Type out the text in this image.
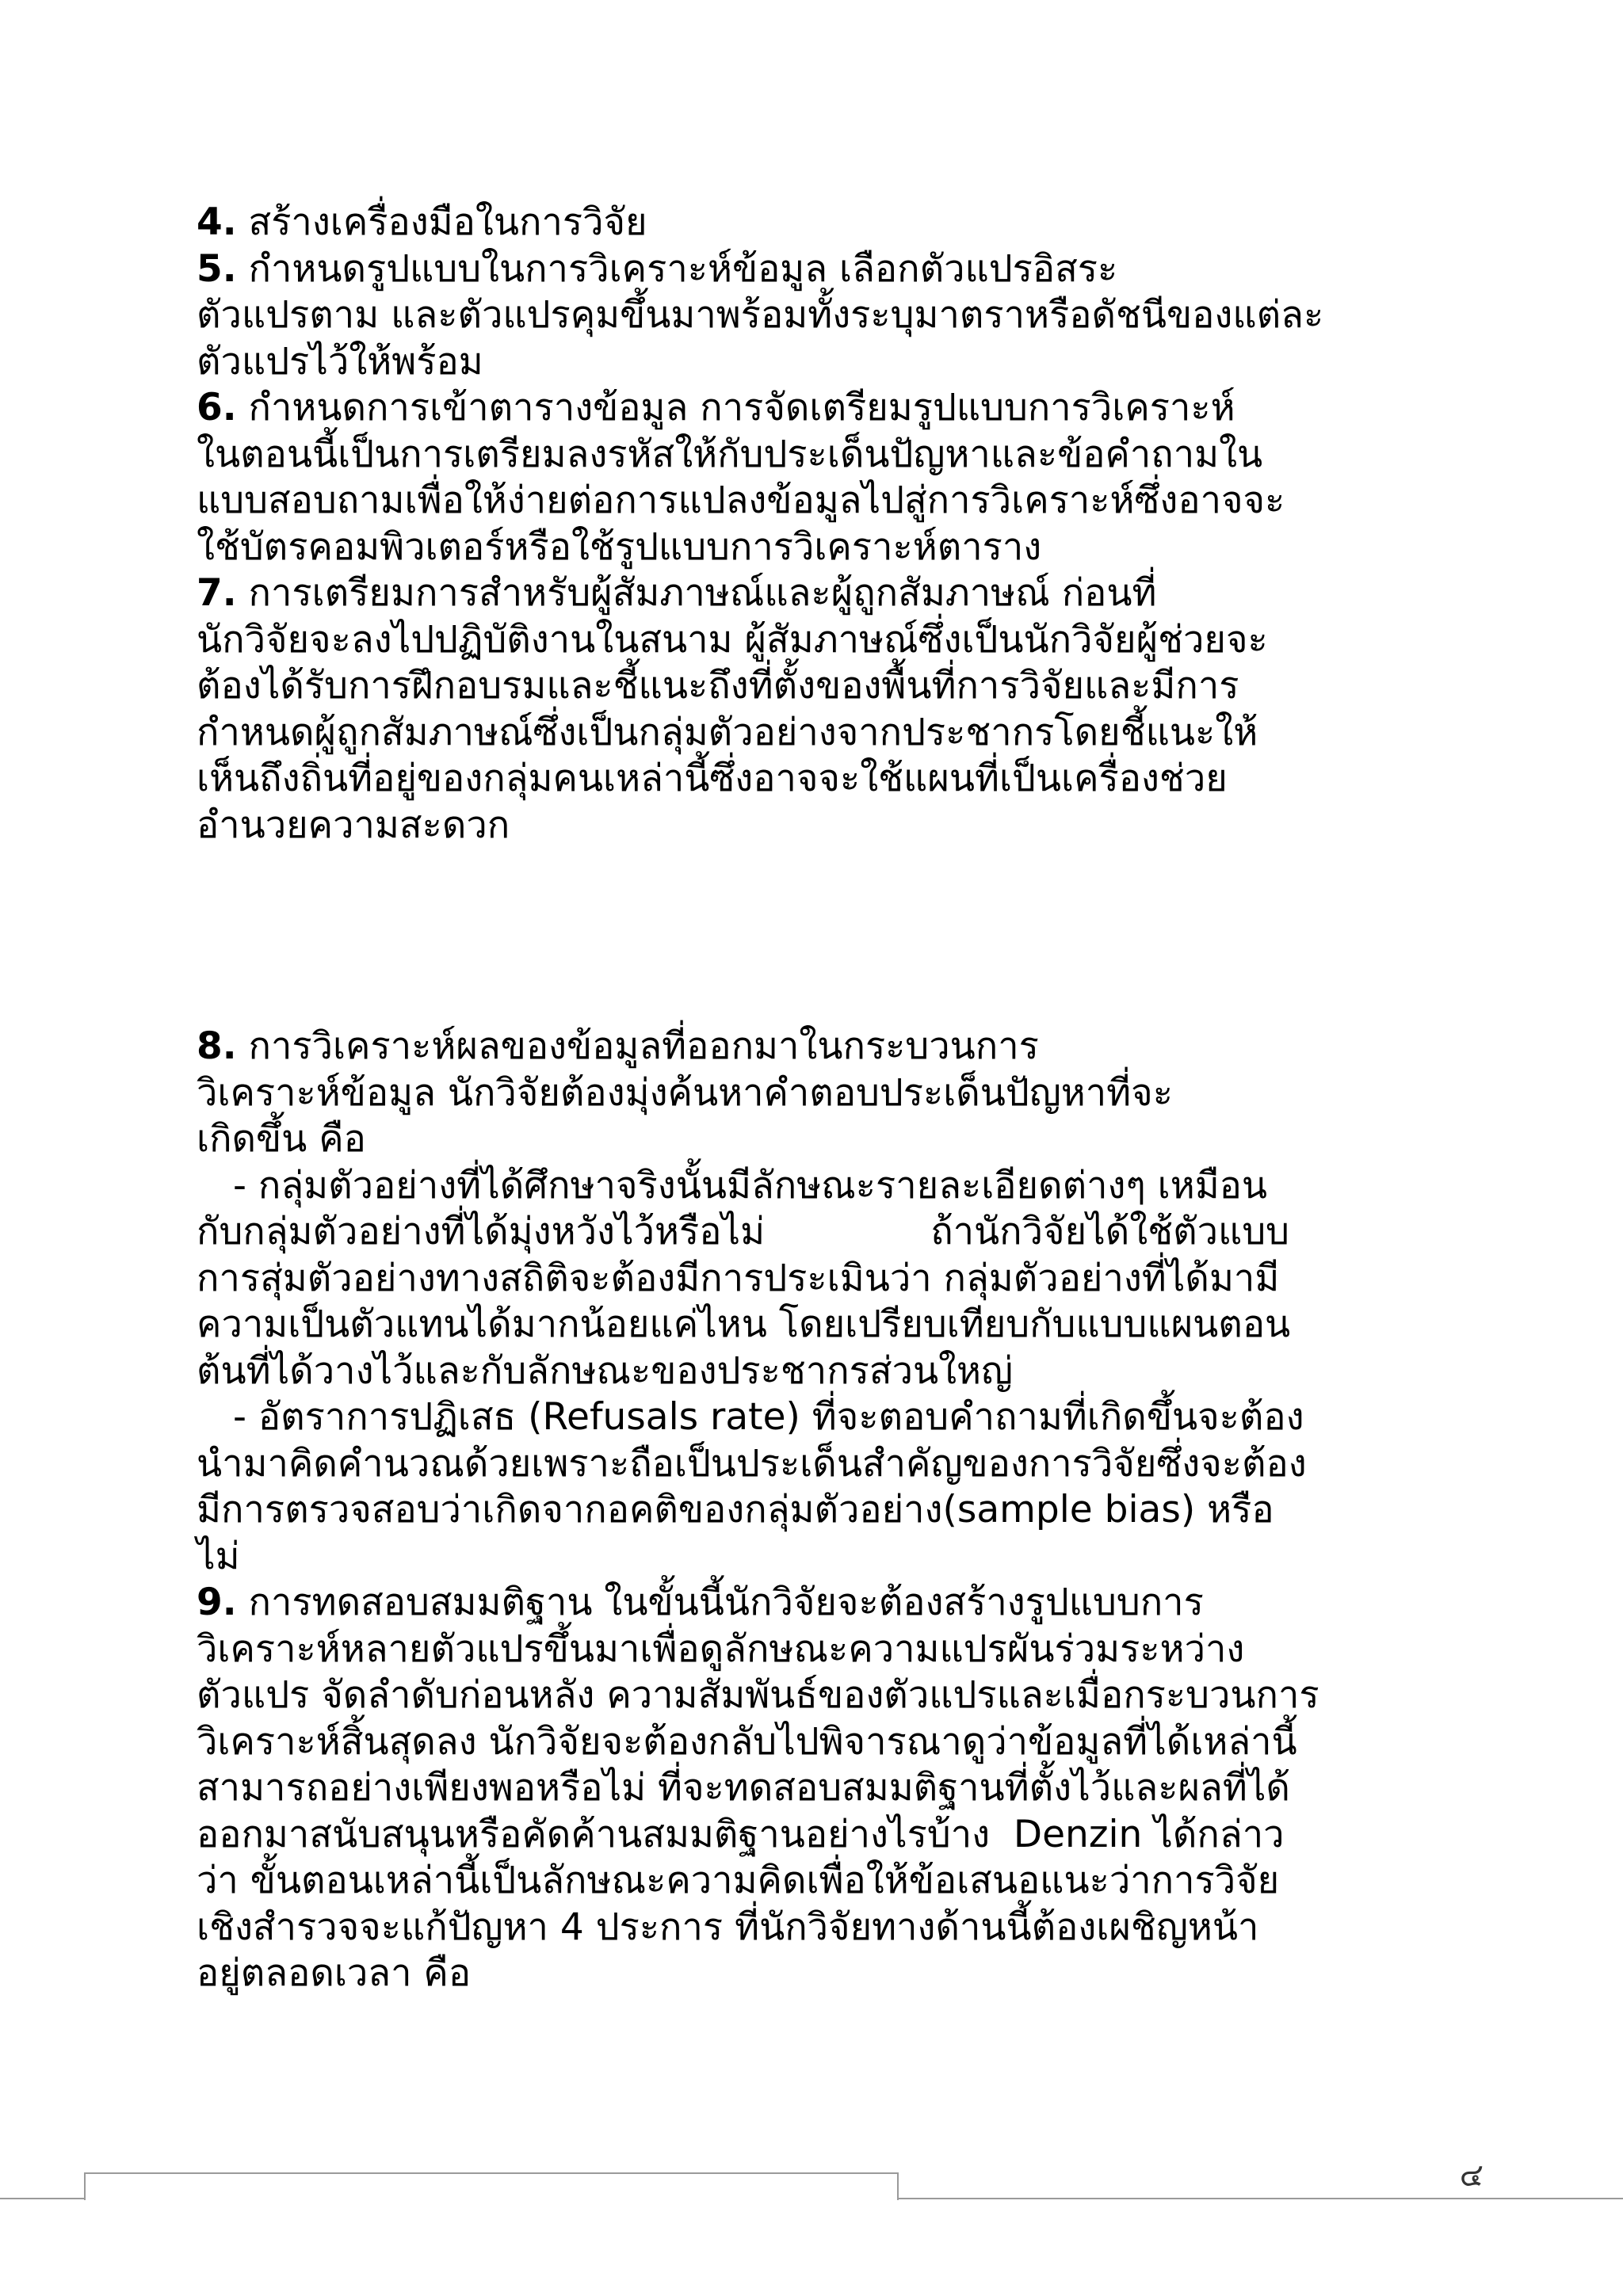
4. สร้างเครื่องมือในการวิจัย
5. กำหนดรูปแบบในการวิเคราะห์ข้อมูล เลือกตัวแปรอิสระ
ตัวแปรตาม และตัวแปรคุมขึ้นมาพร้อมทั้งระบุมาตราหรือดัชนีของแต่ละ
ตัวแปรไว้ให้พร้อม
6. กำหนดการเข้าตารางข้อมูล การจัดเตรียมรูปแบบการวิเคราะห์
ในตอนนี้เป็นการเตรียมลงรหัสให้กับประเด็นปัญหาและข้อคำถามใน
แบบสอบถามเพื่อให้ง่ายต่อการแปลงข้อมูลไปสู่การวิเคราะห์ซึ่งอาจจะ
ใช้บัตรคอมพิวเตอร์หรือใช้รูปแบบการวิเคราะห์ตาราง
7. การเตรียมการสำหรับผู้สัมภาษณ์และผู้ถูกสัมภาษณ์ ก่อนที่
นักวิจัยจะลงไปปฏิบัติงานในสนาม ผู้สัมภาษณ์ซึ่งเป็นนักวิจัยผู้ช่วยจะ
ต้องได้รับการฝึกอบรมและชี้แนะถึงที่ตั้งของพื้นที่การวิจัยและมีการ
กำหนดผู้ถูกสัมภาษณ์ซึ่งเป็นกลุ่มตัวอย่างจากประชากรโดยชี้แนะให้
เห็นถึงถิ่นที่อยู่ของกลุ่มคนเหล่านี้ซึ่งอาจจะใช้แผนที่เป็นเครื่องช่วย
อำนวยความสะดวก
8. การวิเคราะห์ผลของข้อมูลที่ออกมาในกระบวนการ
วิเคราะห์ข้อมูล นักวิจัยต้องมุ่งค้นหาคำตอบประเด็นปัญหาที่จะ
เกิดขึ้น คือ
- กลุ่มตัวอย่างที่ได้ศึกษาจริงนั้นมีลักษณะรายละเอียดต่างๆ เหมือน
กับกลุ่มตัวอย่างที่ได้มุ่งหวังไว้หรือไม่              ถ้านักวิจัยได้ใช้ตัวแบบ
การสุ่มตัวอย่างทางสถิติจะต้องมีการประเมินว่า กลุ่มตัวอย่างที่ได้มามี
ความเป็นตัวแทนได้มากน้อยแค่ไหน โดยเปรียบเทียบกับแบบแผนตอน
ต้นที่ได้วางไว้และกับลักษณะของประชากรส่วนใหญ่
- อัตราการปฏิเสธ (Refusals rate) ที่จะตอบคำถามที่เกิดขึ้นจะต้อง
นำมาคิดคำนวณด้วยเพราะถือเป็นประเด็นสำคัญของการวิจัยซึ่งจะต้อง
มีการตรวจสอบว่าเกิดจากอคติของกลุ่มตัวอย่าง(sample bias) หรือ
ไม่
9. การทดสอบสมมติฐาน ในขั้นนี้นักวิจัยจะต้องสร้างรูปแบบการ
วิเคราะห์หลายตัวแปรขึ้นมาเพื่อดูลักษณะความแปรผันร่วมระหว่าง
ตัวแปร จัดลำดับก่อนหลัง ความสัมพันธ์ของตัวแปรและเมื่อกระบวนการ
วิเคราะห์สิ้นสุดลง นักวิจัยจะต้องกลับไปพิจารณาดูว่าข้อมูลที่ได้เหล่านี้
สามารถอย่างเพียงพอหรือไม่ ที่จะทดสอบสมมติฐานที่ตั้งไว้และผลที่ได้
ออกมาสนับสนุนหรือคัดค้านสมมติฐานอย่างไรบ้าง  Denzin ได้กล่าว
ว่า ขั้นตอนเหล่านี้เป็นลักษณะความคิดเพื่อให้ข้อเสนอแนะว่าการวิจัย
เชิงสำรวจจะแก้ปัญหา 4 ประการ ที่นักวิจัยทางด้านนี้ต้องเผชิญหน้า
อยู่ตลอดเวลา คือ
๔
